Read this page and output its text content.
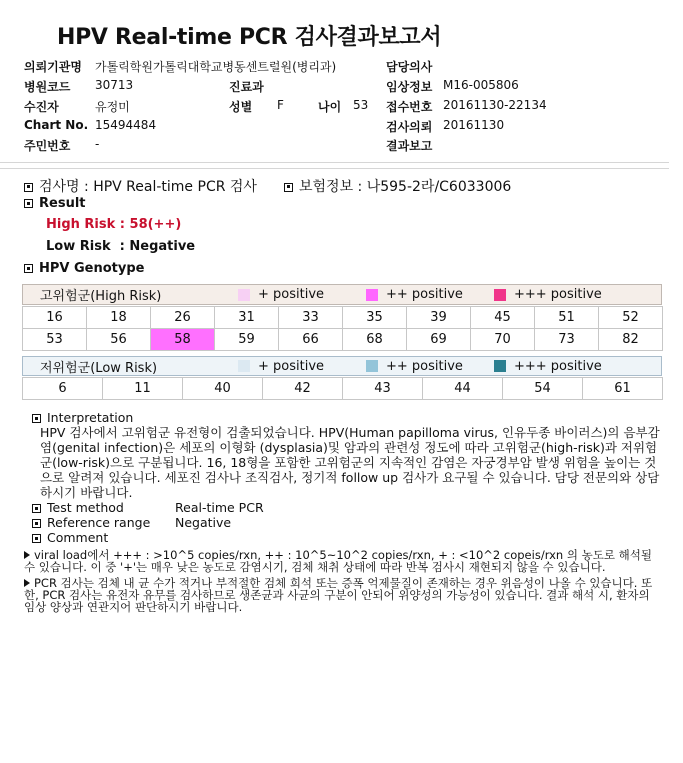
HPV Real-time PCR 검사결과보고서
의뢰기관명 가톨릭학원가톨릭대학교병동센트럴원(병리과)
병원코드 30713
수진자	유정미
Chart No. 15494484
주민번호 -
진료과
성별 F	나이 53
담당의사
임상정보 M16-005806
접수번호 20161130-22134
검사의뢰 20161130
결과보고
검사명 : HPV Real-time PCR 검사	보험정보 : 나595-2라/C6033006
Result
High Risk : 58(++)
Low Risk  : Negative
HPV Genotype
고위험군(High Risk)	+ positive	++ positive	+++ positive
16	18	26	31	33	35	39	45	51	52
53	56	58	59	66	68	69	70	73	82
저위험군(Low Risk)	+ positive	++ positive	+++ positive
6	11	40	42	43	44	54	61
Interpretation
HPV 검사에서 고위험군 유전형이 검출되었습니다. HPV(Human papilloma virus, 인유두종 바이러스)의 음부감염(genital infection)은 세포의 이형화 (dysplasia)및 암과의 관련성 정도에 따라 고위험군(high-risk)과 저위험군(low-risk)으로 구분됩니다. 16, 18형을 포함한 고위험군의 지속적인 감염은 자궁경부암 발생 위험을 높이는 것으로 알려져 있습니다. 세포진 검사나 조직검사, 정기적 follow up 검사가 요구될 수 있습니다. 담당 전문의와 상담하시기 바랍니다.
Test method	Real-time PCR
Reference range Negative
Comment
viral load에서 +++ : >10^5 copies/rxn, ++ : 10^5~10^2 copies/rxn, + : <10^2 copeis/rxn 의 농도로 해석될 수 있습니다. 이 중 '+'는 매우 낮은 농도로 감염시기, 검체 채취 상태에 따라 반복 검사시 재현되지 않을 수 있습니다.
PCR 검사는 검체 내 균 수가 적거나 부적절한 검체 희석 또는 증폭 억제물질이 존재하는 경우 위음성이 나올 수 있습니다. 또한, PCR 검사는 유전자 유무를 검사하므로 생존균과 사균의 구분이 안되어 위양성의 가능성이 있습니다. 결과 해석 시, 환자의 임상 양상과 연관지어 판단하시기 바랍니다.
